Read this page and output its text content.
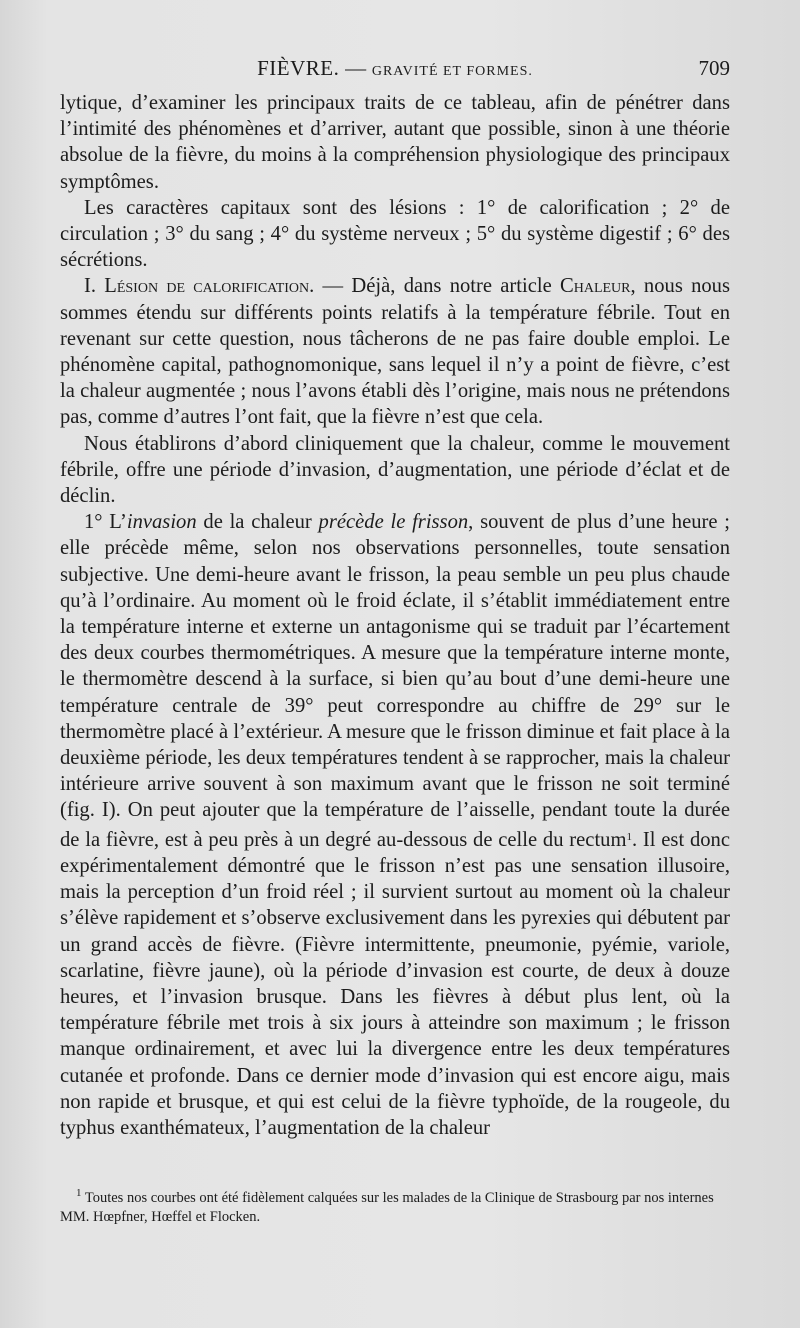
FIÈVRE. — GRAVITÉ ET FORMES.	709

lytique, d’examiner les principaux traits de ce tableau, afin de pénétrer dans l’intimité des phénomènes et d’arriver, autant que possible, sinon à une théorie absolue de la fièvre, du moins à la compréhension physiologique des principaux symptômes.

Les caractères capitaux sont des lésions : 1° de calorification ; 2° de circulation ; 3° du sang ; 4° du système nerveux ; 5° du système digestif ; 6° des sécrétions.

I. Lésion de calorification. — Déjà, dans notre article Chaleur, nous nous sommes étendu sur différents points relatifs à la température fébrile. Tout en revenant sur cette question, nous tâcherons de ne pas faire double emploi. Le phénomène capital, pathognomonique, sans lequel il n’y a point de fièvre, c’est la chaleur augmentée ; nous l’avons établi dès l’origine, mais nous ne prétendons pas, comme d’autres l’ont fait, que la fièvre n’est que cela.

Nous établirons d’abord cliniquement que la chaleur, comme le mouvement fébrile, offre une période d’invasion, d’augmentation, une période d’éclat et de déclin.

1° L’invasion de la chaleur précède le frisson, souvent de plus d’une heure ; elle précède même, selon nos observations personnelles, toute sensation subjective. Une demi-heure avant le frisson, la peau semble un peu plus chaude qu’à l’ordinaire. Au moment où le froid éclate, il s’établit immédiatement entre la température interne et externe un antagonisme qui se traduit par l’écartement des deux courbes thermométriques. A mesure que la température interne monte, le thermomètre descend à la surface, si bien qu’au bout d’une demi-heure une température centrale de 39° peut correspondre au chiffre de 29° sur le thermomètre placé à l’extérieur. A mesure que le frisson diminue et fait place à la deuxième période, les deux températures tendent à se rapprocher, mais la chaleur intérieure arrive souvent à son maximum avant que le frisson ne soit terminé (fig. I). On peut ajouter que la température de l’aisselle, pendant toute la durée de la fièvre, est à peu près à un degré au-dessous de celle du rectum$^1$. Il est donc expérimentalement démontré que le frisson n’est pas une sensation illusoire, mais la perception d’un froid réel ; il survient surtout au moment où la chaleur s’élève rapidement et s’observe exclusivement dans les pyrexies qui débutent par un grand accès de fièvre. (Fièvre intermittente, pneumonie, pyémie, variole, scarlatine, fièvre jaune), où la période d’invasion est courte, de deux à douze heures, et l’invasion brusque. Dans les fièvres à début plus lent, où la température fébrile met trois à six jours à atteindre son maximum ; le frisson manque ordinairement, et avec lui la divergence entre les deux températures cutanée et profonde. Dans ce dernier mode d’invasion qui est encore aigu, mais non rapide et brusque, et qui est celui de la fièvre typhoïde, de la rougeole, du typhus exanthémateux, l’augmentation de la chaleur

$^1$ Toutes nos courbes ont été fidèlement calquées sur les malades de la Clinique de Strasbourg par nos internes MM. Hœpfner, Hœffel et Flocken.
